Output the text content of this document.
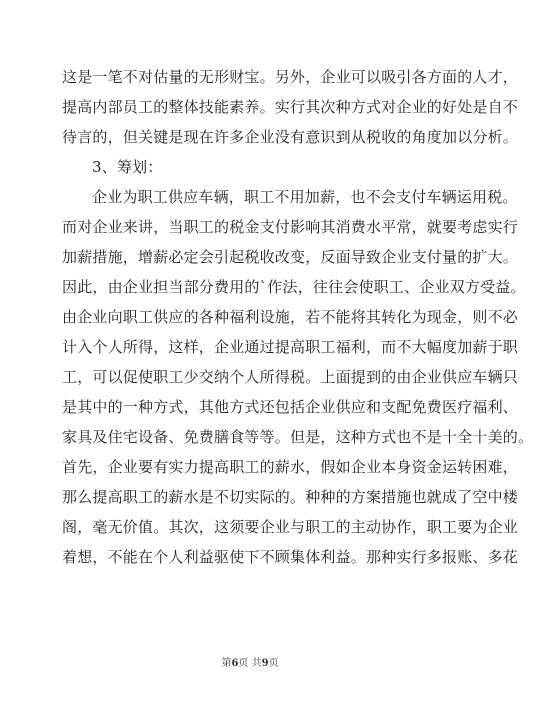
这是一笔不对估量的无形财宝。另外，企业可以吸引各方面的人才，
提高内部员工的整体技能素养。实行其次种方式对企业的好处是自不
待言的，但关键是现在许多企业没有意识到从税收的角度加以分析。
3、筹划：
企业为职工供应车辆，职工不用加薪，也不会支付车辆运用税。
而对企业来讲，当职工的税金支付影响其消费水平常，就要考虑实行
加薪措施，增薪必定会引起税收改变，反面导致企业支付量的扩大。
因此，由企业担当部分费用的`作法，往往会使职工、企业双方受益。
由企业向职工供应的各种福利设施，若不能将其转化为现金，则不必
计入个人所得，这样，企业通过提高职工福利，而不大幅度加薪于职
工，可以促使职工少交纳个人所得税。上面提到的由企业供应车辆只
是其中的一种方式，其他方式还包括企业供应和支配免费医疗福利、
家具及住宅设备、免费膳食等等。但是，这种方式也不是十全十美的。
首先，企业要有实力提高职工的薪水，假如企业本身资金运转困难，
那么提高职工的薪水是不切实际的。种种的方案措施也就成了空中楼
阁，毫无价值。其次，这须要企业与职工的主动协作，职工要为企业
着想，不能在个人利益驱使下不顾集体利益。那种实行多报账、多花
第6页 共9页
